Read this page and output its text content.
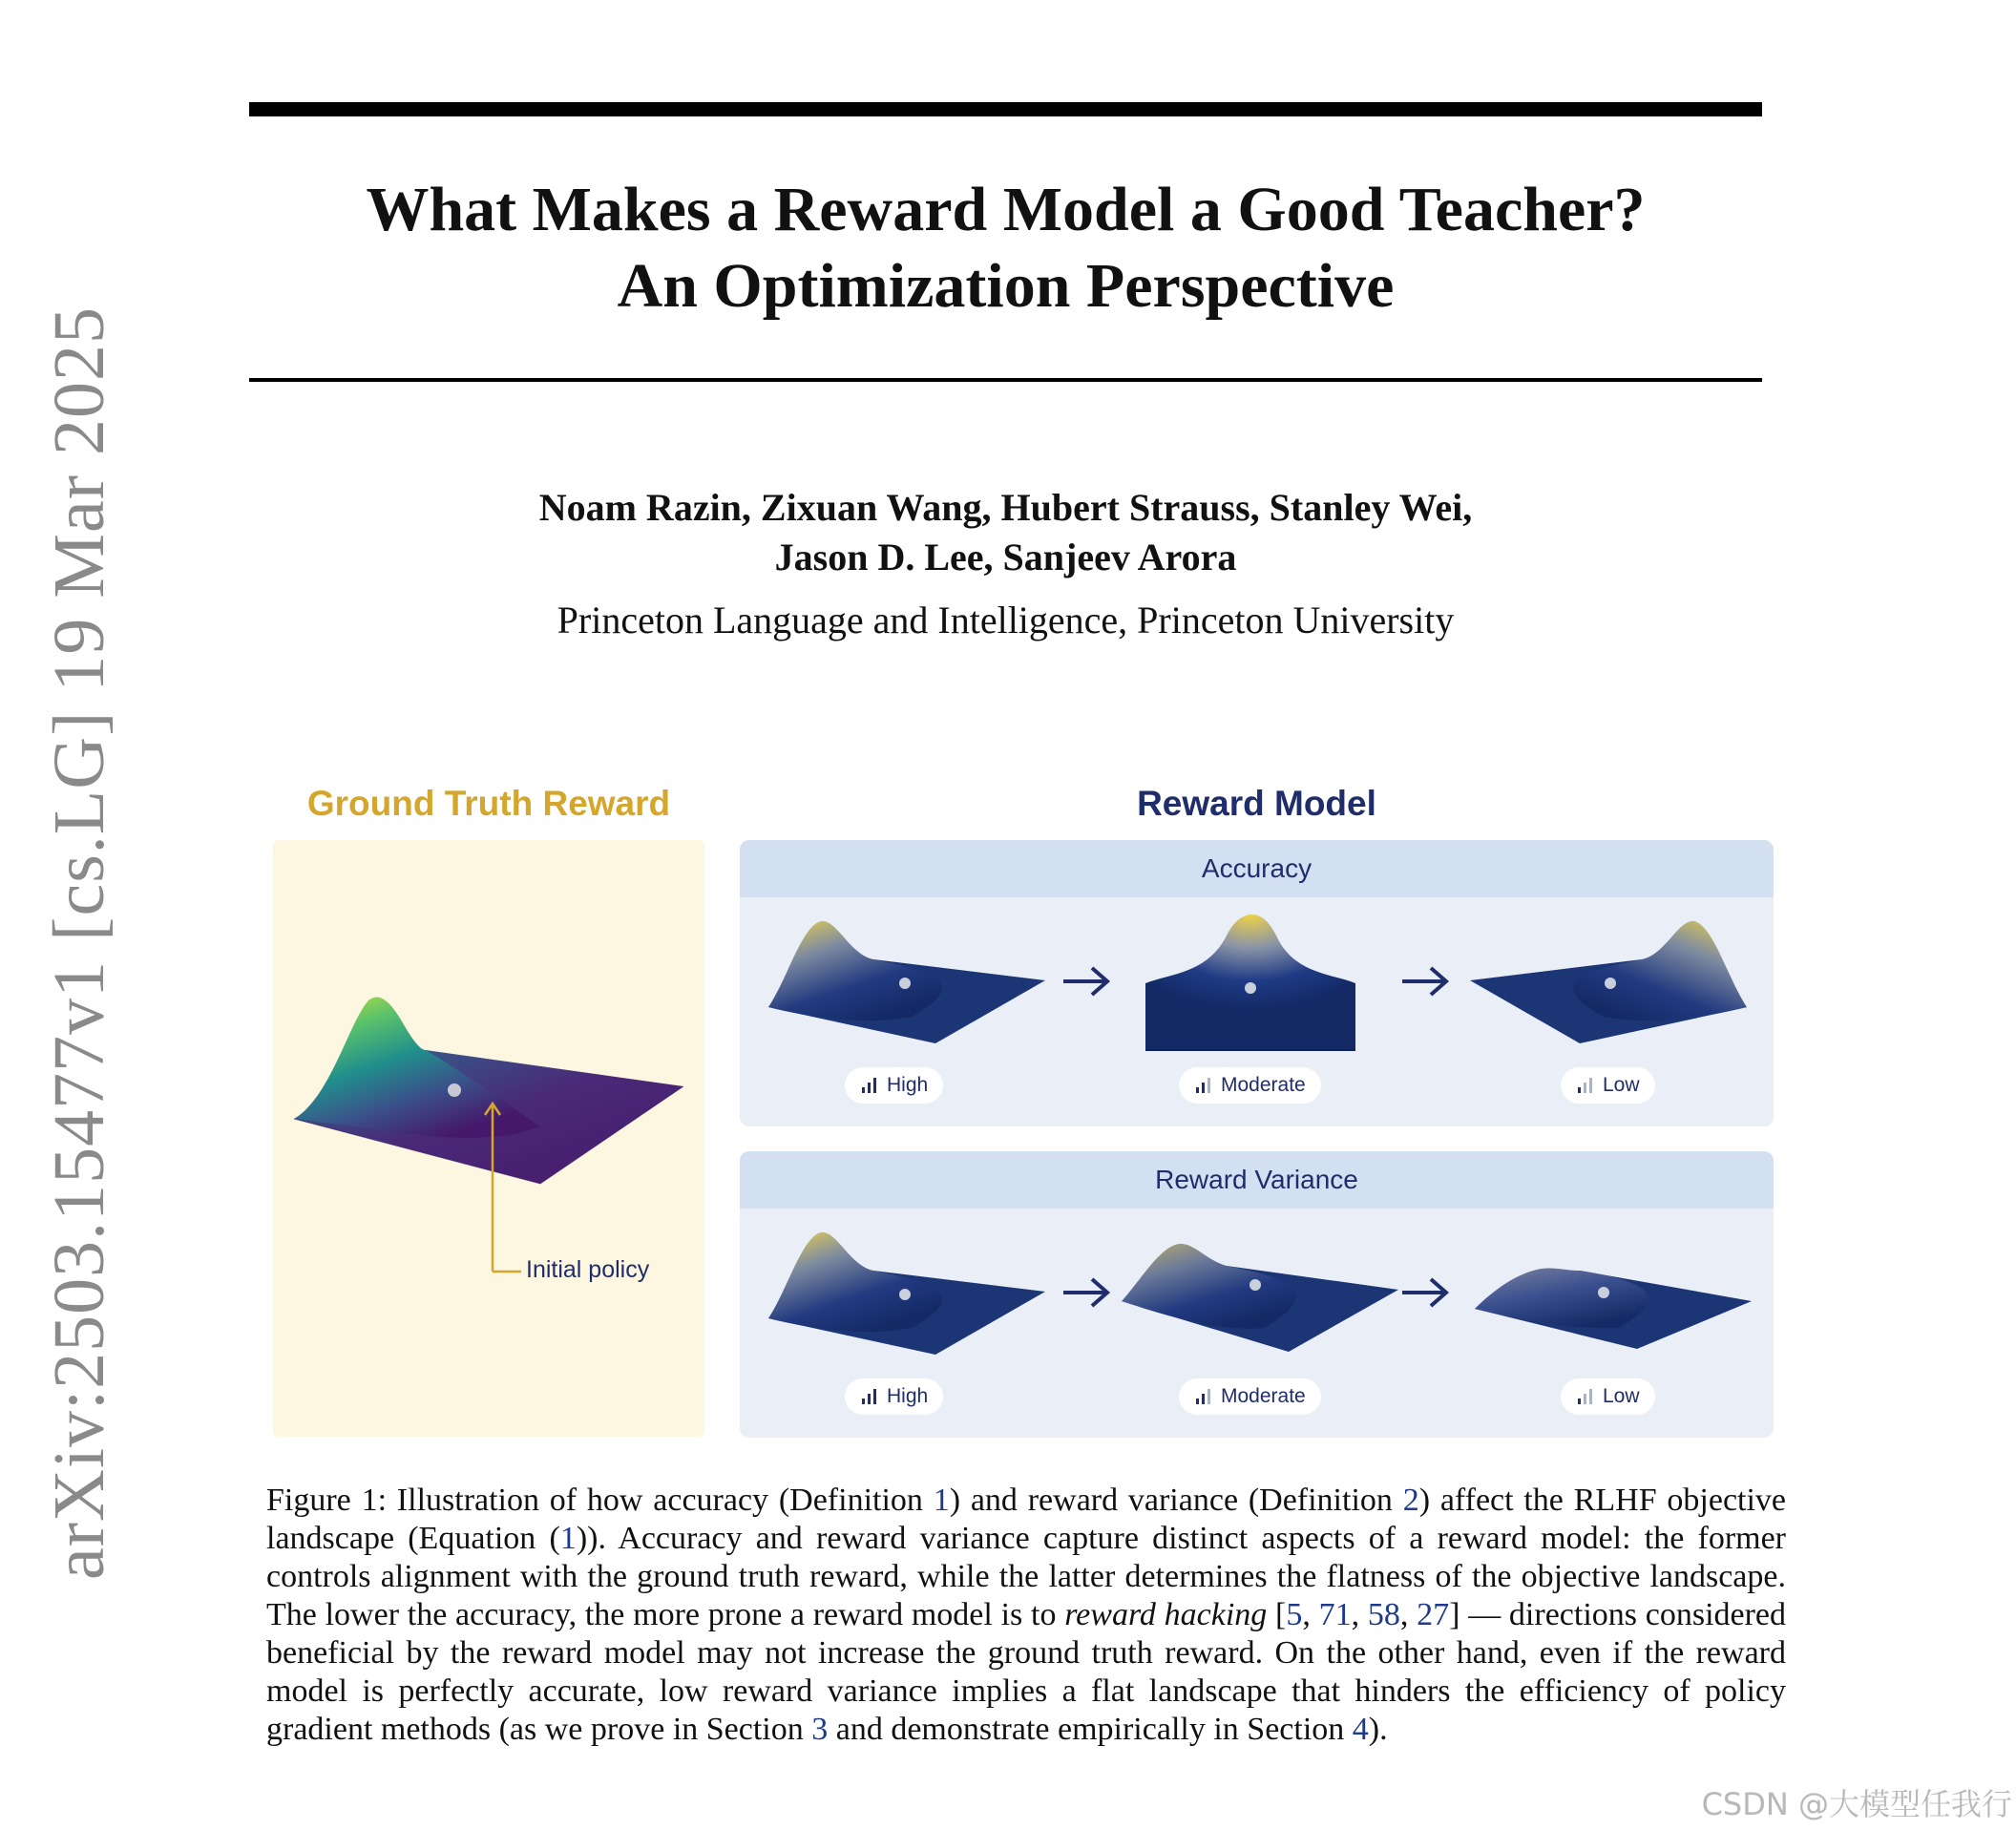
arXiv:2503.15477v1 [cs.LG] 19 Mar 2025
What Makes a Reward Model a Good Teacher?
An Optimization Perspective
Noam Razin, Zixuan Wang, Hubert Strauss, Stanley Wei,
Jason D. Lee, Sanjeev Arora
Princeton Language and Intelligence, Princeton University
Ground Truth Reward	Reward Model
Initial policy
Accuracy
High	Moderate	Low
Reward Variance
High	Moderate	Low
Figure 1: Illustration of how accuracy (Definition 1) and reward variance (Definition 2) affect the RLHF objective landscape (Equation (1)). Accuracy and reward variance capture distinct aspects of a reward model: the former controls alignment with the ground truth reward, while the latter determines the flatness of the objective landscape. The lower the accuracy, the more prone a reward model is to reward hacking [5, 71, 58, 27] — directions considered beneficial by the reward model may not increase the ground truth reward. On the other hand, even if the reward model is perfectly accurate, low reward variance implies a flat landscape that hinders the efficiency of policy gradient methods (as we prove in Section 3 and demonstrate empirically in Section 4).
CSDN @大模型任我行
